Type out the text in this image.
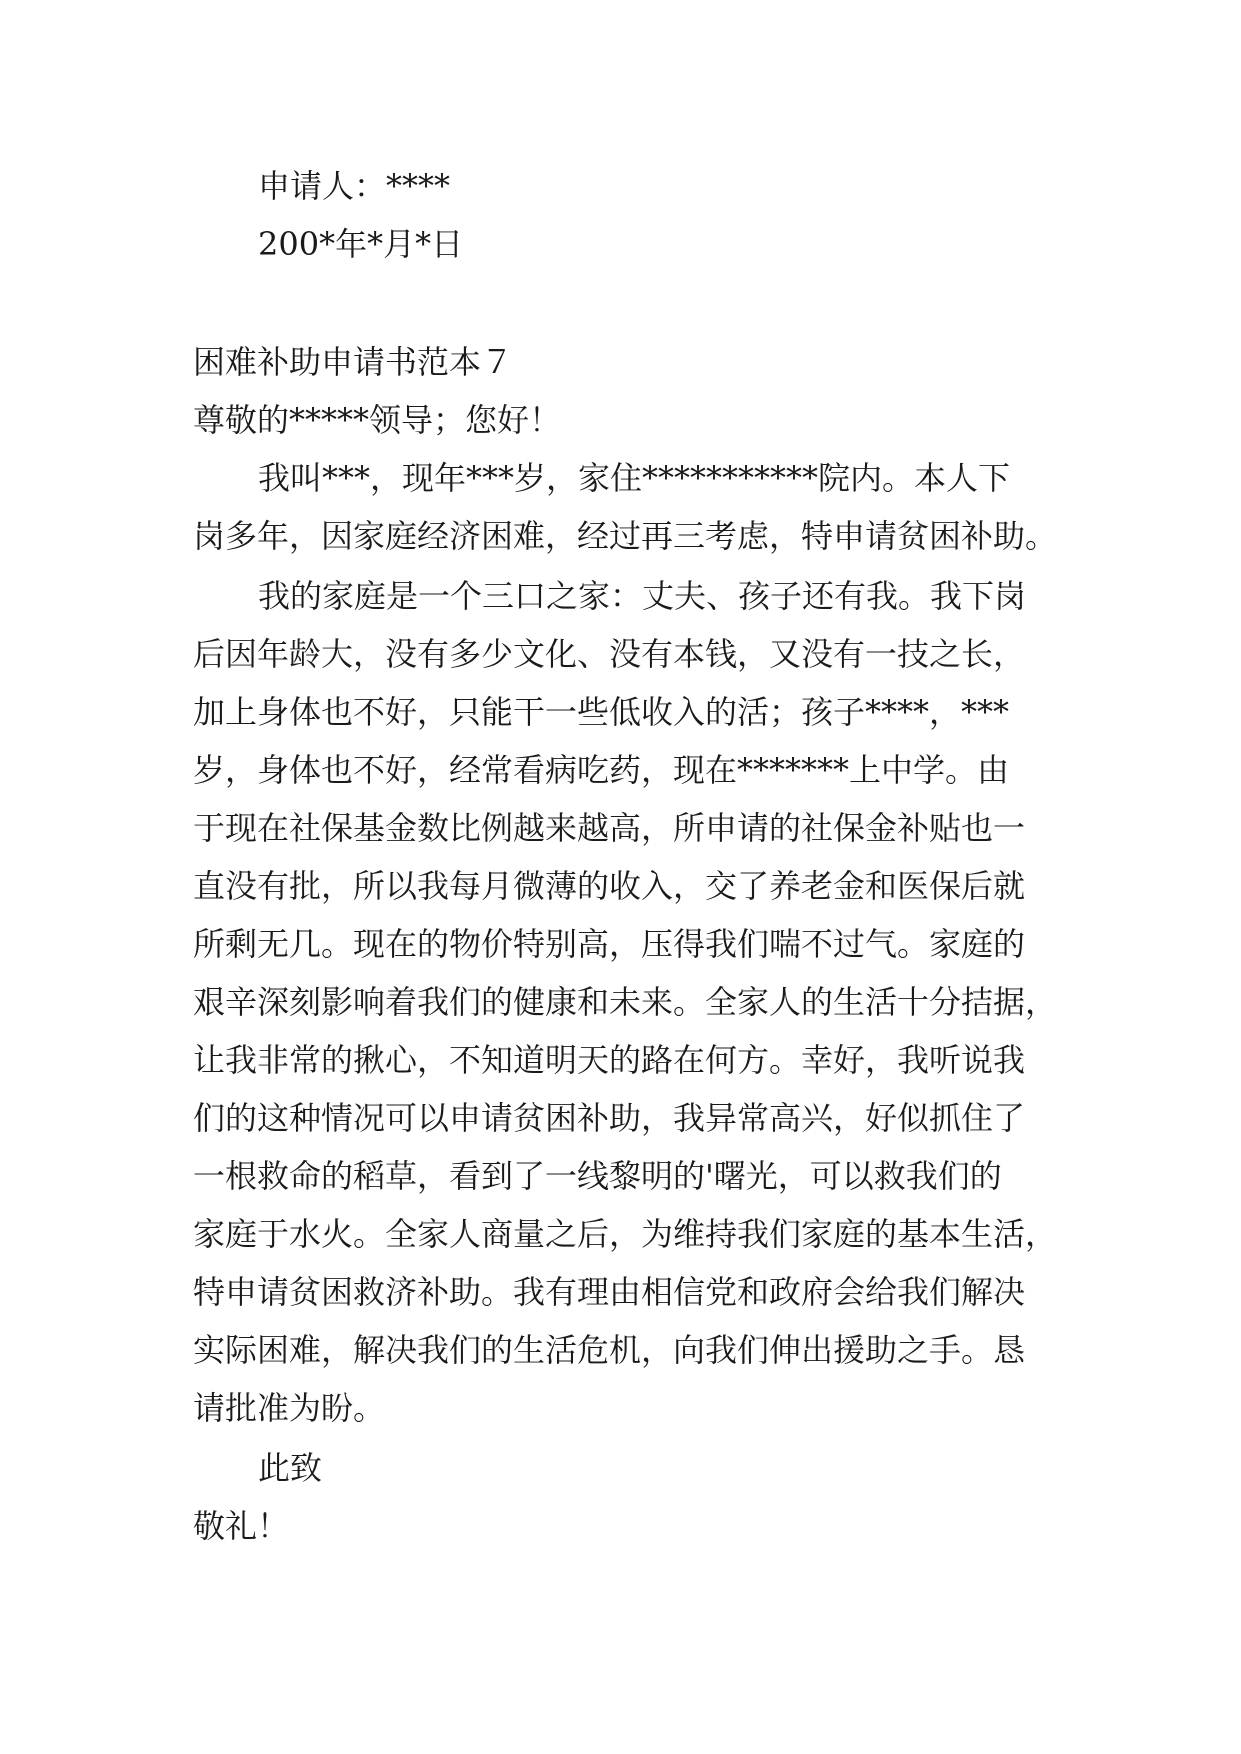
申请人：****
200*年*月*日
困难补助申请书范本７
尊敬的*****领导；您好！
我叫***，现年***岁，家住***********院内。本人下
岗多年，因家庭经济困难，经过再三考虑，特申请贫困补助。
我的家庭是一个三口之家：丈夫、孩子还有我。我下岗
后因年龄大，没有多少文化、没有本钱，又没有一技之长，
加上身体也不好，只能干一些低收入的活；孩子****，***
岁，身体也不好，经常看病吃药，现在*******上中学。由
于现在社保基金数比例越来越高，所申请的社保金补贴也一
直没有批，所以我每月微薄的收入，交了养老金和医保后就
所剩无几。现在的物价特别高，压得我们喘不过气。家庭的
艰辛深刻影响着我们的健康和未来。全家人的生活十分拮据，
让我非常的揪心，不知道明天的路在何方。幸好，我听说我
们的这种情况可以申请贫困补助，我异常高兴，好似抓住了
一根救命的稻草，看到了一线黎明的'曙光，可以救我们的
家庭于水火。全家人商量之后，为维持我们家庭的基本生活，
特申请贫困救济补助。我有理由相信党和政府会给我们解决
实际困难，解决我们的生活危机，向我们伸出援助之手。恳
请批准为盼。
此致
敬礼！
